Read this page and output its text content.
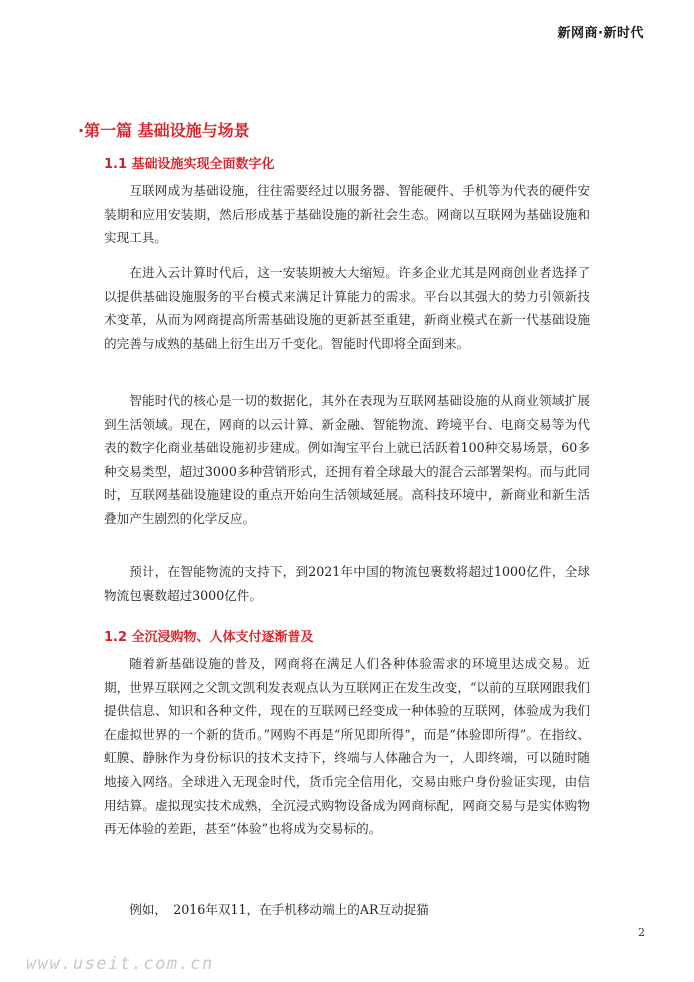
新网商·新时代
·第一篇 基础设施与场景
1.1 基础设施实现全面数字化
互联网成为基础设施，往往需要经过以服务器、智能硬件、手机等为代表的硬件安装期和应用安装期，然后形成基于基础设施的新社会生态。网商以互联网为基础设施和实现工具。
在进入云计算时代后，这一安装期被大大缩短。许多企业尤其是网商创业者选择了以提供基础设施服务的平台模式来满足计算能力的需求。平台以其强大的势力引领新技术变革，从而为网商提高所需基础设施的更新甚至重建，新商业模式在新一代基础设施的完善与成熟的基础上衍生出万千变化。智能时代即将全面到来。
智能时代的核心是一切的数据化，其外在表现为互联网基础设施的从商业领域扩展到生活领域。现在，网商的以云计算、新金融、智能物流、跨境平台、电商交易等为代表的数字化商业基础设施初步建成。例如淘宝平台上就已活跃着100种交易场景，60多种交易类型，超过3000多种营销形式，还拥有着全球最大的混合云部署架构。而与此同时，互联网基础设施建设的重点开始向生活领域延展。高科技环境中，新商业和新生活叠加产生剧烈的化学反应。
预计，在智能物流的支持下，到2021年中国的物流包裹数将超过1000亿件，全球物流包裹数超过3000亿件。
1.2 全沉浸购物、人体支付逐渐普及
随着新基础设施的普及，网商将在满足人们各种体验需求的环境里达成交易。近期，世界互联网之父凯文凯利发表观点认为互联网正在发生改变，“以前的互联网跟我们提供信息、知识和各种文件，现在的互联网已经变成一种体验的互联网，体验成为我们在虚拟世界的一个新的货币。”网购不再是“所见即所得”，而是“体验即所得”。在指纹、虹膜、静脉作为身份标识的技术支持下，终端与人体融合为一，人即终端，可以随时随地接入网络。全球进入无现金时代，货币完全信用化，交易由账户身份验证实现，由信用结算。虚拟现实技术成熟，全沉浸式购物设备成为网商标配，网商交易与是实体购物再无体验的差距，甚至“体验”也将成为交易标的。
例如，　2016年双11，在手机移动端上的AR互动捉猫
2
www.useit.com.cn
